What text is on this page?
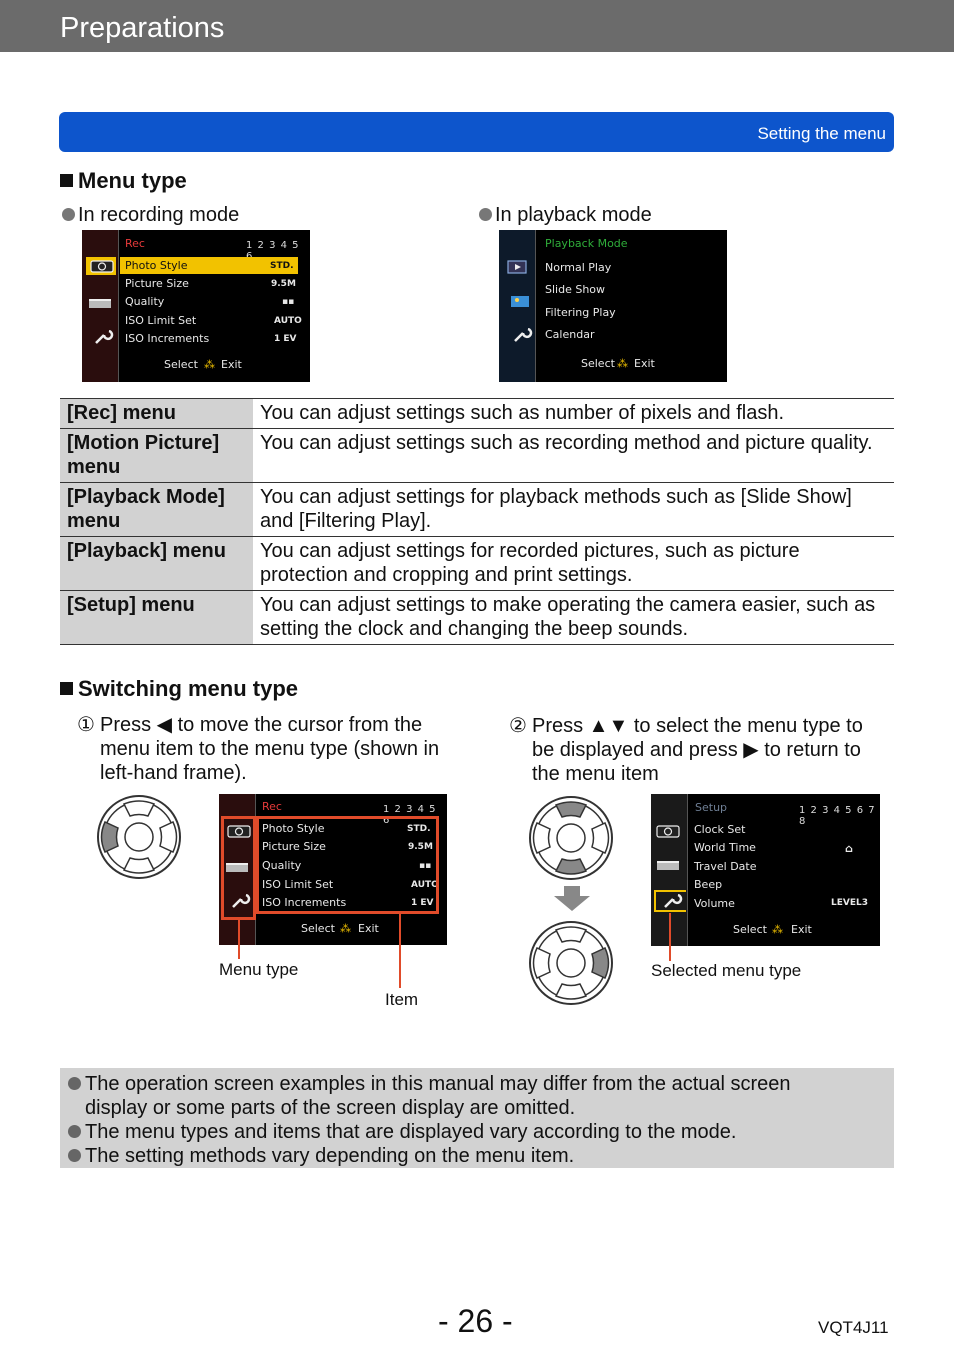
Preparations
Setting the menu
Menu type
In recording mode	In playback mode
Rec	1 2 3 4 5
Photo Style	STD.
Picture Size	9.5M
Quality	▪▪
ISO Limit Set	AUTO
ISO Increments	1 EV
Select ⁂ Exit
Playback Mode
Normal Play
Slide Show
Filtering Play
Calendar
Select ⁂ Exit
[Rec] menu	You can adjust settings such as number of pixels and flash.
[Motion Picture] menu	You can adjust settings such as recording method and picture quality.
[Playback Mode] menu	You can adjust settings for playback methods such as [Slide Show] and [Filtering Play].
[Playback] menu	You can adjust settings for recorded pictures, such as picture protection and cropping and print settings.
[Setup] menu	You can adjust settings to make operating the camera easier, such as setting the clock and changing the beep sounds.
Switching menu type
① Press ◀ to move the cursor from the menu item to the menu type (shown in left-hand frame).
② Press ▲▼ to select the menu type to be displayed and press ▶ to return to the menu item
Rec	1 2 3 4 5 6
Photo Style	STD.
Picture Size	9.5M
Quality	▪▪
ISO Limit Set	AUTO
ISO Increments	1 EV
Select ⁂ Exit
Menu type
Item
Setup	1 2 3 4 5 6 7 8
Clock Set
World Time	⌂
Travel Date
Beep
Volume	LEVEL3
Select ⁂ Exit
Selected menu type
The operation screen examples in this manual may differ from the actual screen display or some parts of the screen display are omitted.
The menu types and items that are displayed vary according to the mode.
The setting methods vary depending on the menu item.
- 26 -	VQT4J11
